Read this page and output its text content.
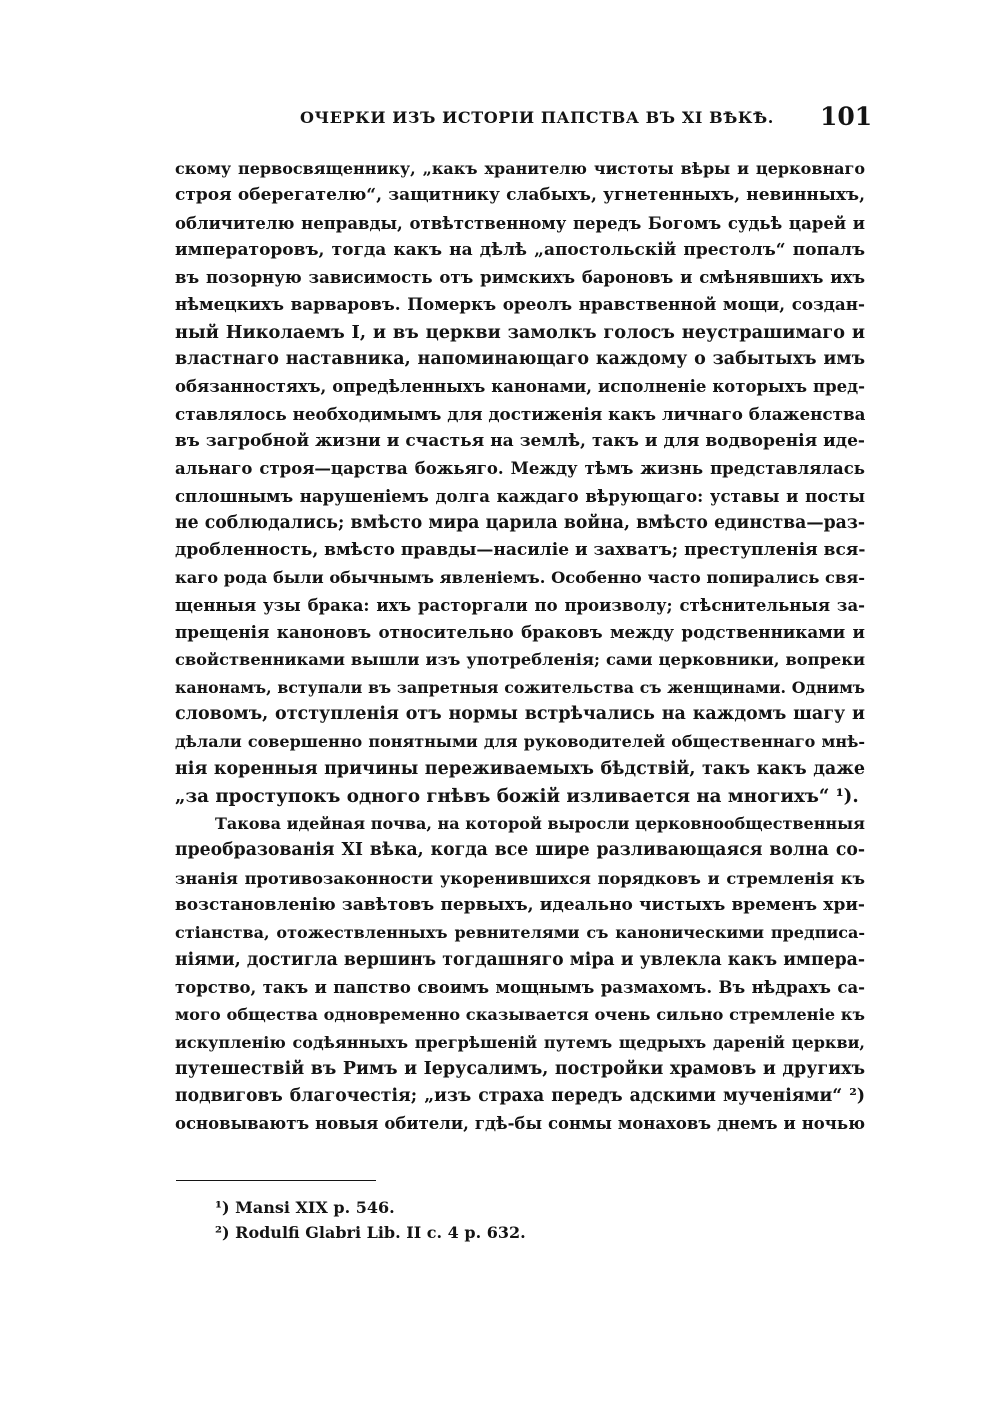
ОЧЕРКИ ИЗЪ ИСТОРІИ ПАПСТВА ВЪ XI ВѢКѢ. 101
скому первосвященнику, „какъ хранителю чистоты вѣры и церковнаго
строя оберегателю“, защитнику слабыхъ, угнетенныхъ, невинныхъ,
обличителю неправды, отвѣтственному передъ Богомъ судьѣ царей и
императоровъ, тогда какъ на дѣлѣ „апостольскій престолъ“ попалъ
въ позорную зависимость отъ римскихъ бароновъ и смѣнявшихъ ихъ
нѣмецкихъ варваровъ. Померкъ ореолъ нравственной мощи, создан-
ный Николаемъ I, и въ церкви замолкъ голосъ неустрашимаго и
властнаго наставника, напоминающаго каждому о забытыхъ имъ
обязанностяхъ, опредѣленныхъ канонами, исполненіе которыхъ пред-
ставлялось необходимымъ для достиженія какъ личнаго блаженства
въ загробной жизни и счастья на землѣ, такъ и для водворенія иде-
альнаго строя—царства божьяго. Между тѣмъ жизнь представлялась
сплошнымъ нарушеніемъ долга каждаго вѣрующаго: уставы и посты
не соблюдались; вмѣсто мира царила война, вмѣсто единства—раз-
дробленность, вмѣсто правды—насиліе и захватъ; преступленія вся-
каго рода были обычнымъ явленіемъ. Особенно часто попирались свя-
щенныя узы брака: ихъ расторгали по произволу; стѣснительныя за-
прещенія каноновъ относительно браковъ между родственниками и
свойственниками вышли изъ употребленія; сами церковники, вопреки
канонамъ, вступали въ запретныя сожительства съ женщинами. Однимъ
словомъ, отступленія отъ нормы встрѣчались на каждомъ шагу и
дѣлали совершенно понятными для руководителей общественнаго мнѣ-
нія коренныя причины переживаемыхъ бѣдствій, такъ какъ даже
„за проступокъ одного гнѣвъ божій изливается на многихъ“ ¹).
Такова идейная почва, на которой выросли церковнообщественныя
преобразованія XI вѣка, когда все шире разливающаяся волна со-
знанія противозаконности укоренившихся порядковъ и стремленія къ
возстановленію завѣтовъ первыхъ, идеально чистыхъ временъ хри-
стіанства, отожествленныхъ ревнителями съ каноническими предписа-
ніями, достигла вершинъ тогдашняго міра и увлекла какъ импера-
торство, такъ и папство своимъ мощнымъ размахомъ. Въ нѣдрахъ са-
мого общества одновременно сказывается очень сильно стремленіе къ
искупленію содѣянныхъ прегрѣшеній путемъ щедрыхъ дареній церкви,
путешествій въ Римъ и Іерусалимъ, постройки храмовъ и другихъ
подвиговъ благочестія; „изъ страха передъ адскими мученіями“ ²)
основываютъ новыя обители, гдѣ-бы сонмы монаховъ днемъ и ночью
¹) Mansi XIX p. 546.
²) Rodulfi Glabri Lib. II c. 4 p. 632.
